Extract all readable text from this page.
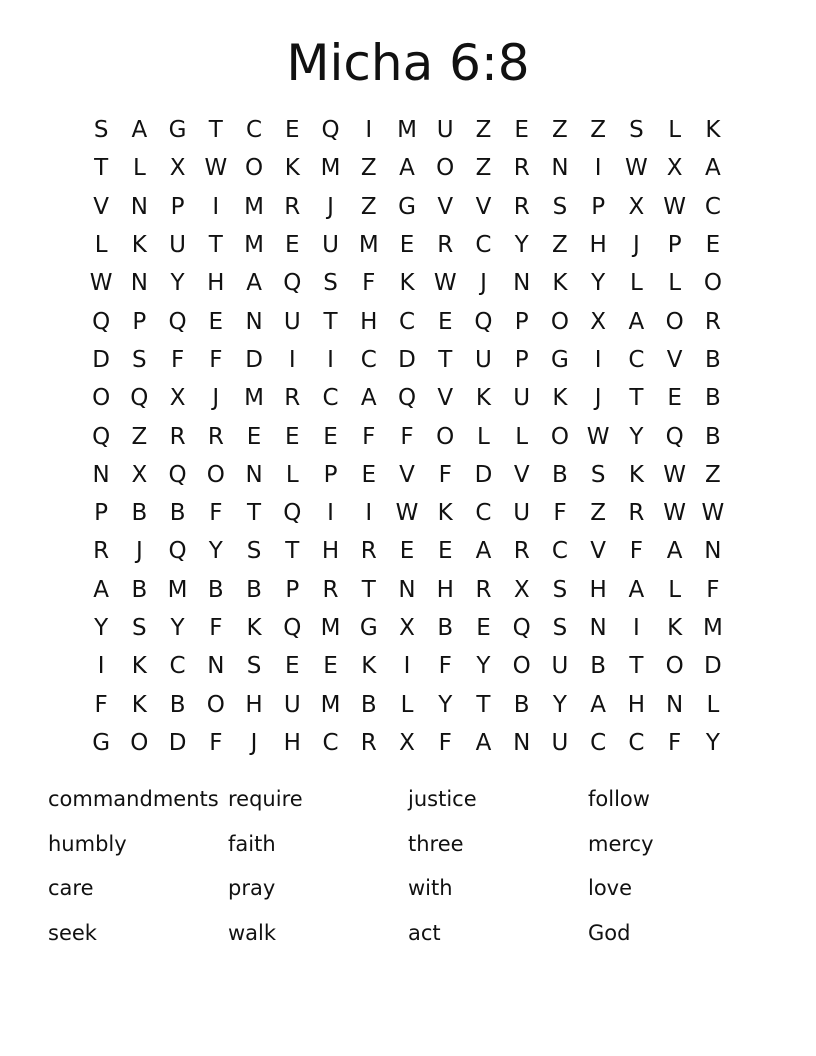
Micha 6:8
S	A G T	C E Q	I	M U Z	E	Z Z	S	L	K
T	L	X W O K M Z A O Z R N	I	W X A
V N P	I	M R	J	Z G V V R S	P	X W C
L	K U T M E U M E R C	Y	Z H	J	P	E
W N Y H A Q S	F	K W	J	N K	Y	L	L O
Q P Q E N U T H C E Q P O X A O R
D S	F	F D	I	I	C D T U P G	I	C V B
O Q X	J	M R C A Q V K U K	J	T	E	B
Q Z R R E	E	E	F	F O L	L O W Y Q B
N X Q O N	L	P	E	V	F D V B	S	K W Z
P	B B	F	T Q	I	I	W K C U	F	Z R W W
R	J	Q Y	S	T H R E	E	A R C V	F	A N
A B M B B	P	R	T N H R X	S H A	L	F
Y	S	Y	F	K Q M G X B	E Q S N	I	K M
I	K C N S	E	E	K	I	F	Y O U B	T O D
F	K B O H U M B	L	Y	T	B	Y	A H N	L
G O D F	J	H C R X	F	A N U C C	F	Y
commandments require	justice	follow
humbly	faith	three	mercy
care	pray	with	love
seek	walk	act	God
